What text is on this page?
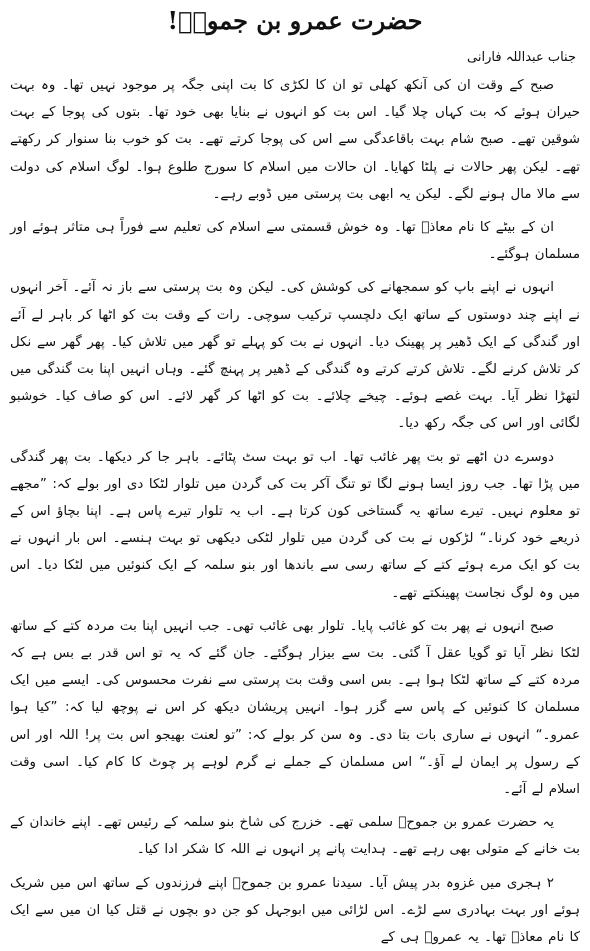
حضرت عمرو بن جموحؓ!
جناب عبداللہ فارانی

صبح کے وقت ان کی آنکھ کھلی تو ان کا لکڑی کا بت اپنی جگہ پر موجود نہیں تھا۔ وہ بہت حیران ہوئے کہ بت کہاں چلا گیا۔ اس بت کو انہوں نے بنایا بھی خود تھا۔ بتوں کی پوجا کے بہت شوقین تھے۔ صبح شام بہت باقاعدگی سے اس کی پوجا کرتے تھے۔ بت کو خوب بنا سنوار کر رکھتے تھے۔ لیکن پھر حالات نے پلٹا کھایا۔ ان حالات میں اسلام کا سورج طلوع ہوا۔ لوگ اسلام کی دولت سے مالا مال ہونے لگے۔ لیکن یہ ابھی بت پرستی میں ڈوبے رہے۔

ان کے بیٹے کا نام معاذؓ تھا۔ وہ خوش قسمتی سے اسلام کی تعلیم سے فوراً ہی متاثر ہوئے اور مسلمان ہوگئے۔

انہوں نے اپنے باپ کو سمجھانے کی کوشش کی۔ لیکن وہ بت پرستی سے باز نہ آئے۔ آخر انہوں نے اپنے چند دوستوں کے ساتھ ایک دلچسپ ترکیب سوچی۔ رات کے وقت بت کو اٹھا کر باہر لے آئے اور گندگی کے ایک ڈھیر پر پھینک دیا۔ انہوں نے بت کو پہلے تو گھر میں تلاش کیا۔ پھر گھر سے نکل کر تلاش کرنے لگے۔ تلاش کرتے کرتے وہ گندگی کے ڈھیر پر پہنچ گئے۔ وہاں انہیں اپنا بت گندگی میں لتھڑا نظر آیا۔ بہت غصے ہوئے۔ چیخے چلائے۔ بت کو اٹھا کر گھر لائے۔ اس کو صاف کیا۔ خوشبو لگائی اور اس کی جگہ رکھ دیا۔

دوسرے دن اٹھے تو بت پھر غائب تھا۔ اب تو بہت سٹ پٹائے۔ باہر جا کر دیکھا۔ بت پھر گندگی میں پڑا تھا۔ جب روز ایسا ہونے لگا تو تنگ آکر بت کی گردن میں تلوار لٹکا دی اور بولے کہ: ”مجھے تو معلوم نہیں۔ تیرے ساتھ یہ گستاخی کون کرتا ہے۔ اب یہ تلوار تیرے پاس ہے۔ اپنا بچاؤ اس کے ذریعے خود کرنا۔“ لڑکوں نے بت کی گردن میں تلوار لٹکی دیکھی تو بہت ہنسے۔ اس بار انہوں نے بت کو ایک مرے ہوئے کتے کے ساتھ رسی سے باندھا اور بنو سلمہ کے ایک کنوئیں میں لٹکا دیا۔ اس میں وہ لوگ نجاست پھینکتے تھے۔

صبح انہوں نے پھر بت کو غائب پایا۔ تلوار بھی غائب تھی۔ جب انہیں اپنا بت مردہ کتے کے ساتھ لٹکا نظر آیا تو گویا عقل آ گئی۔ بت سے بیزار ہوگئے۔ جان گئے کہ یہ تو اس قدر بے بس ہے کہ مردہ کتے کے ساتھ لٹکا ہوا ہے۔ بس اسی وقت بت پرستی سے نفرت محسوس کی۔ ایسے میں ایک مسلمان کا کنوئیں کے پاس سے گزر ہوا۔ انہیں پریشان دیکھ کر اس نے پوچھ لیا کہ: ”کیا ہوا عمرو۔“ انہوں نے ساری بات بتا دی۔ وہ سن کر بولے کہ: ”تو لعنت بھیجو اس بت پر! اللہ اور اس کے رسول پر ایمان لے آؤ۔“ اس مسلمان کے جملے نے گرم لوہے پر چوٹ کا کام کیا۔ اسی وقت اسلام لے آئے۔

یہ حضرت عمرو بن جموحؓ سلمی تھے۔ خزرج کی شاخ بنو سلمہ کے رئیس تھے۔ اپنے خاندان کے بت خانے کے متولی بھی رہے تھے۔ ہدایت پانے پر انہوں نے اللہ کا شکر ادا کیا۔

۲ ہجری میں غزوہ بدر پیش آیا۔ سیدنا عمرو بن جموحؓ اپنے فرزندوں کے ساتھ اس میں شریک ہوئے اور بہت بہادری سے لڑے۔ اس لڑائی میں ابوجہل کو جن دو بچوں نے قتل کیا ان میں سے ایک کا نام معاذؓ تھا۔ یہ عمروؓ ہی کے
